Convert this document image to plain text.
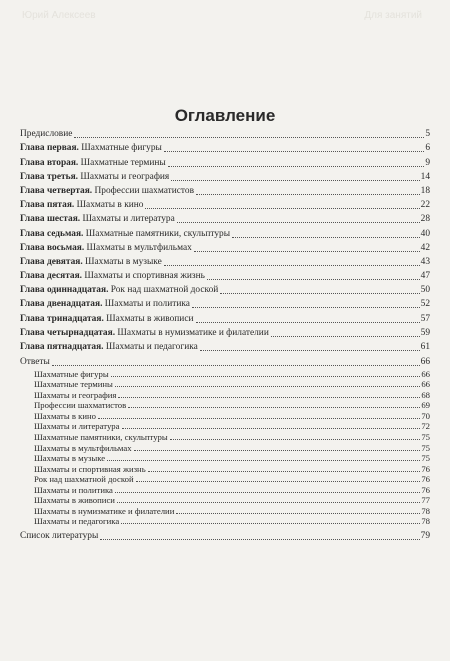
Юрий Алексеев	Для занятий
Оглавление
Предисловие	5
Глава первая. Шахматные фигуры	6
Глава вторая. Шахматные термины	9
Глава третья. Шахматы и география	14
Глава четвертая. Профессии шахматистов	18
Глава пятая. Шахматы в кино	22
Глава шестая. Шахматы и литература	28
Глава седьмая. Шахматные памятники, скульптуры	40
Глава восьмая. Шахматы в мультфильмах	42
Глава девятая. Шахматы в музыке	43
Глава десятая. Шахматы и спортивная жизнь	47
Глава одиннадцатая. Рок над шахматной доской	50
Глава двенадцатая. Шахматы и политика	52
Глава тринадцатая. Шахматы в живописи	57
Глава четырнадцатая. Шахматы в нумизматике и филателии	59
Глава пятнадцатая. Шахматы и педагогика	61
Ответы	66
Шахматные фигуры	66
Шахматные термины	66
Шахматы и география	68
Профессии шахматистов	69
Шахматы в кино	70
Шахматы и литература	72
Шахматные памятники, скульптуры	75
Шахматы в мультфильмах	75
Шахматы в музыке	75
Шахматы и спортивная жизнь	76
Рок над шахматной доской	76
Шахматы и политика	76
Шахматы в живописи	77
Шахматы в нумизматике и филателии	78
Шахматы и педагогика	78
Список литературы	79
